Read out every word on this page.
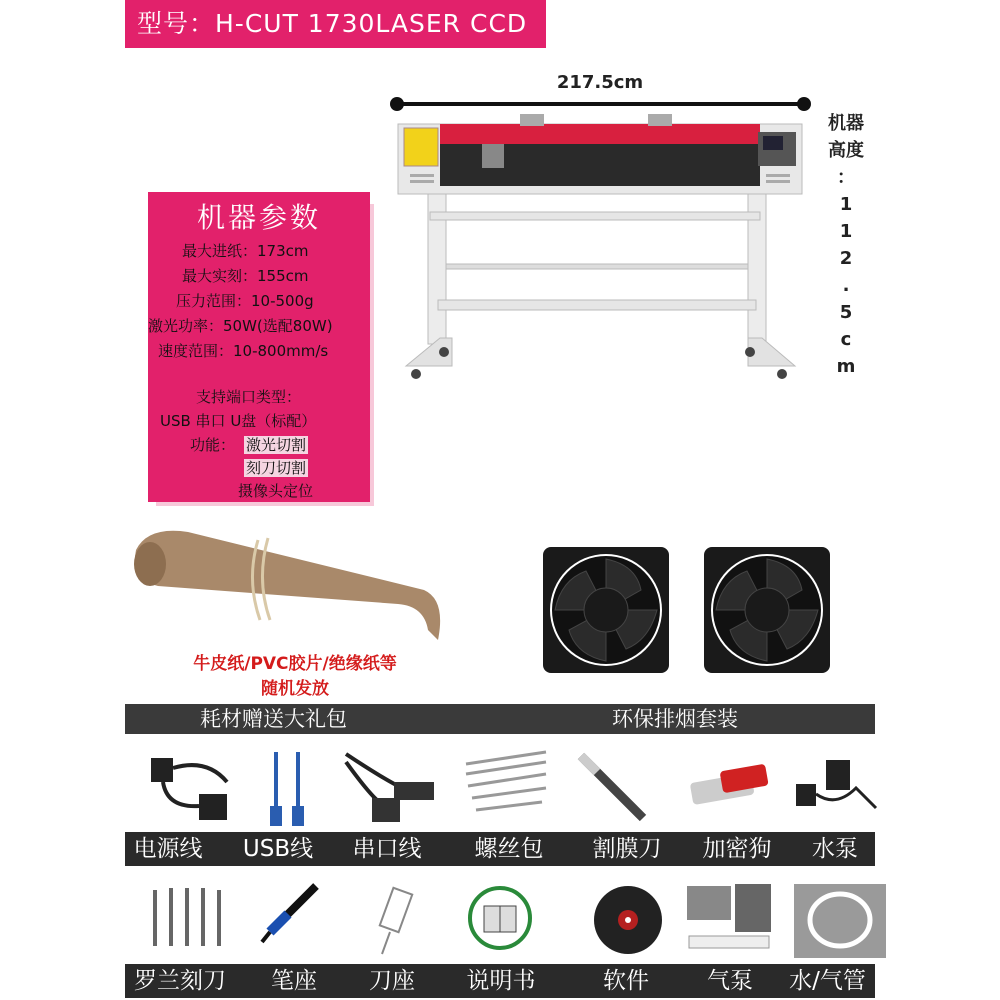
型号：H-CUT 1730LASER CCD
217.5cm
机器
高度
：
1
1
2
.
5
c
m
机器参数
最大进纸：173cm
最大实刻：155cm
压力范围：10-500g
激光功率：50W(选配80W)
速度范围：10-800mm/s
支持端口类型：
USB 串口 U盘（标配）
功能： 激光切割
刻刀切割
摄像头定位
牛皮纸/PVC胶片/绝缘纸等
随机发放
耗材赠送大礼包	环保排烟套装
电源线	USB线	串口线	螺丝包	割膜刀	加密狗	水泵
罗兰刻刀	笔座	刀座	说明书	软件	气泵	水/气管
